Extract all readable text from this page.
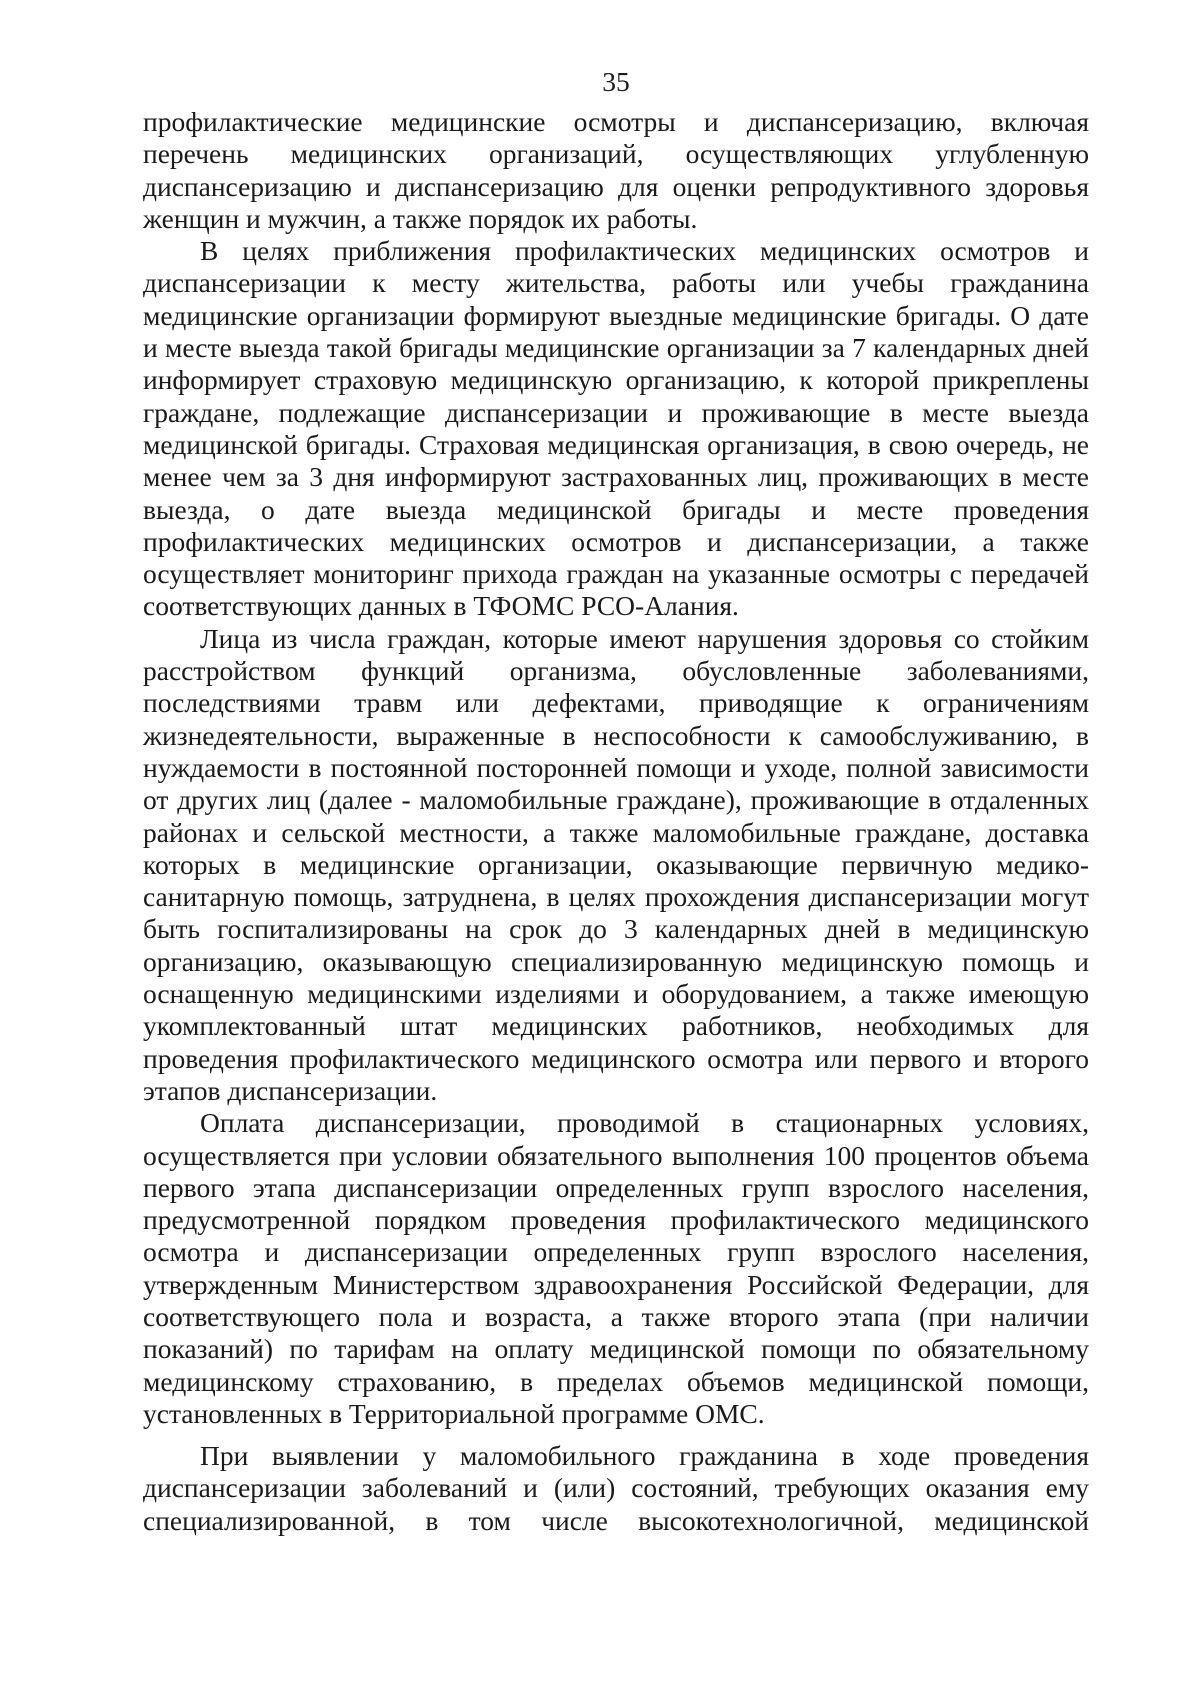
35

профилактические медицинские осмотры и диспансеризацию, включая перечень медицинских организаций, осуществляющих углубленную диспансеризацию и диспансеризацию для оценки репродуктивного здоровья женщин и мужчин, а также порядок их работы.

В целях приближения профилактических медицинских осмотров и диспансеризации к месту жительства, работы или учебы гражданина медицинские организации формируют выездные медицинские бригады. О дате и месте выезда такой бригады медицинские организации за 7 календарных дней информирует страховую медицинскую организацию, к которой прикреплены граждане, подлежащие диспансеризации и проживающие в месте выезда медицинской бригады. Страховая медицинская организация, в свою очередь, не менее чем за 3 дня информируют застрахованных лиц, проживающих в месте выезда, о дате выезда медицинской бригады и месте проведения профилактических медицинских осмотров и диспансеризации, а также осуществляет мониторинг прихода граждан на указанные осмотры с передачей соответствующих данных в ТФОМС РСО-Алания.

Лица из числа граждан, которые имеют нарушения здоровья со стойким расстройством функций организма, обусловленные заболеваниями, последствиями травм или дефектами, приводящие к ограничениям жизнедеятельности, выраженные в неспособности к самообслуживанию, в нуждаемости в постоянной посторонней помощи и уходе, полной зависимости от других лиц (далее - маломобильные граждане), проживающие в отдаленных районах и сельской местности, а также маломобильные граждане, доставка которых в медицинские организации, оказывающие первичную медико-санитарную помощь, затруднена, в целях прохождения диспансеризации могут быть госпитализированы на срок до 3 календарных дней в медицинскую организацию, оказывающую специализированную медицинскую помощь и оснащенную медицинскими изделиями и оборудованием, а также имеющую укомплектованный штат медицинских работников, необходимых для проведения профилактического медицинского осмотра или первого и второго этапов диспансеризации.

Оплата диспансеризации, проводимой в стационарных условиях, осуществляется при условии обязательного выполнения 100 процентов объема первого этапа диспансеризации определенных групп взрослого населения, предусмотренной порядком проведения профилактического медицинского осмотра и диспансеризации определенных групп взрослого населения, утвержденным Министерством здравоохранения Российской Федерации, для соответствующего пола и возраста, а также второго этапа (при наличии показаний) по тарифам на оплату медицинской помощи по обязательному медицинскому страхованию, в пределах объемов медицинской помощи, установленных в Территориальной программе ОМС.

При выявлении у маломобильного гражданина в ходе проведения диспансеризации заболеваний и (или) состояний, требующих оказания ему специализированной, в том числе высокотехнологичной, медицинской
